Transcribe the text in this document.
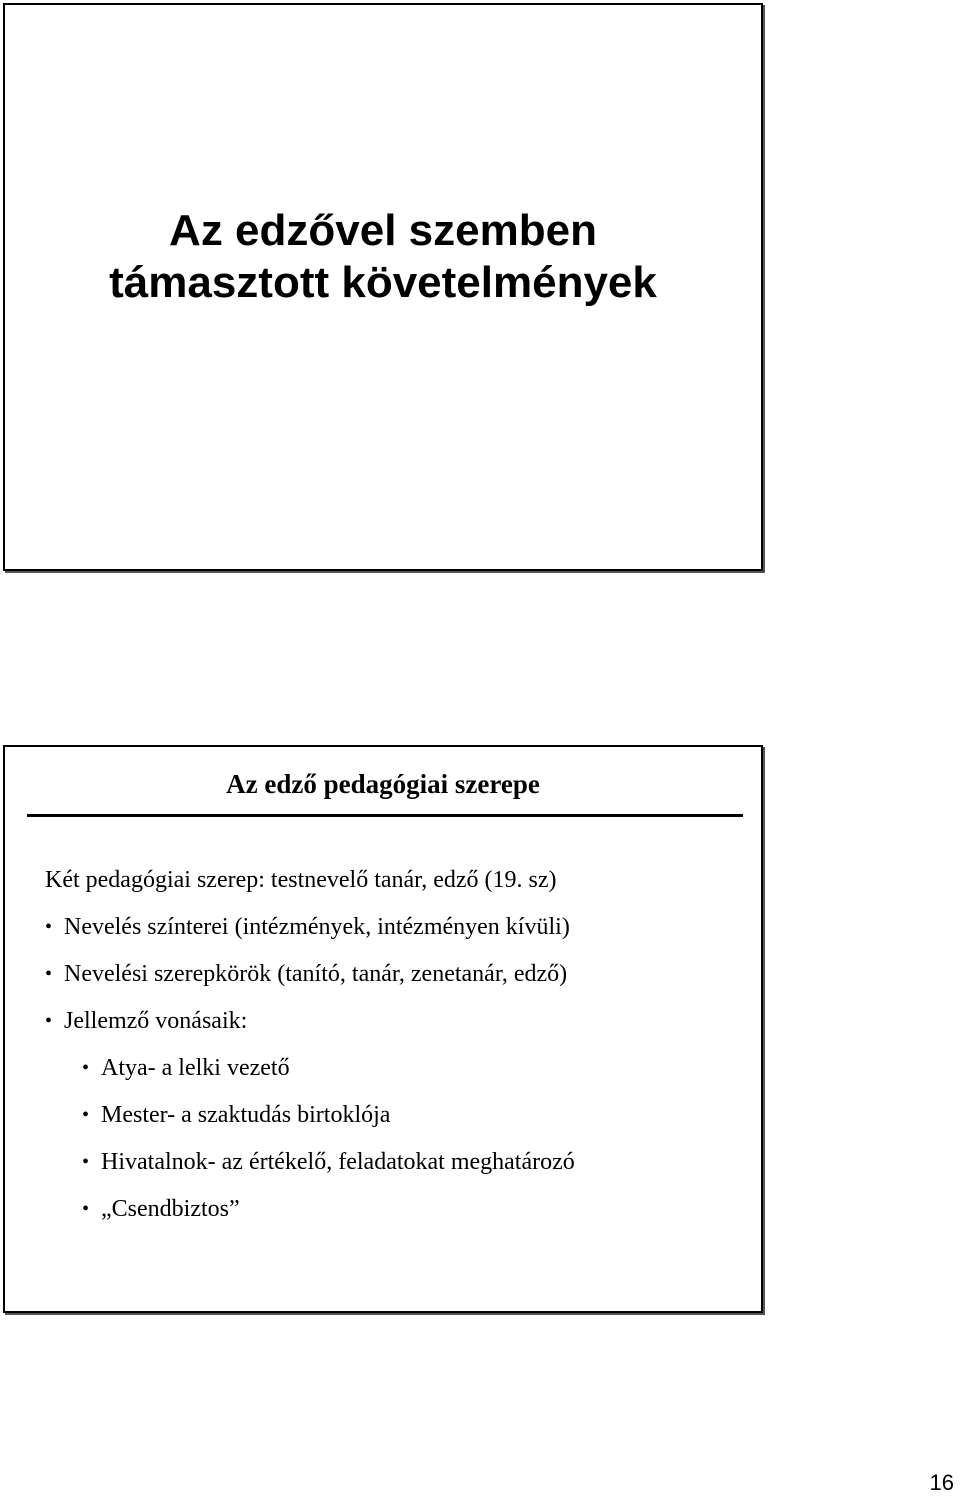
Az edzővel szemben
támasztott követelmények
Az edző pedagógiai szerepe
Két pedagógiai szerep: testnevelő tanár, edző (19. sz)
• Nevelés színterei (intézmények, intézményen kívüli)
• Nevelési szerepkörök (tanító, tanár, zenetanár, edző)
• Jellemző vonásaik:
• Atya- a lelki vezető
• Mester- a szaktudás birtoklója
• Hivatalnok- az értékelő, feladatokat meghatározó
• „Csendbiztos”
16
